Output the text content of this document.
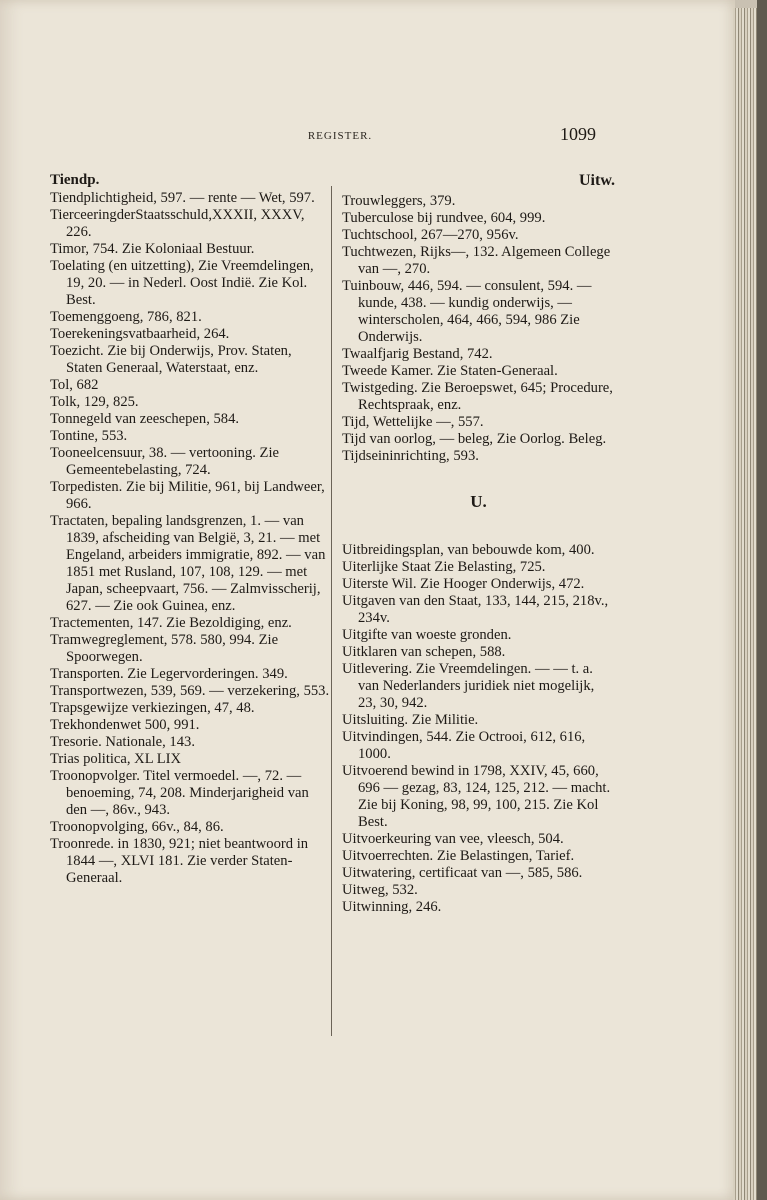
REGISTER.	1099
Tiendp.
Tiendplichtigheid, 597. — rente — Wet, 597.
TierceeringderStaatsschuld,XXXII, XXXV, 226.
Timor, 754. Zie Koloniaal Bestuur.
Toelating (en uitzetting), Zie Vreemdelingen, 19, 20. — in Nederl. Oost Indië. Zie Kol. Best.
Toemenggoeng, 786, 821.
Toerekeningsvatbaarheid, 264.
Toezicht. Zie bij Onderwijs, Prov. Staten, Staten Generaal, Waterstaat, enz.
Tol, 682
Tolk, 129, 825.
Tonnegeld van zeeschepen, 584.
Tontine, 553.
Tooneelcensuur, 38. — vertooning. Zie Gemeentebelasting, 724.
Torpedisten. Zie bij Militie, 961, bij Landweer, 966.
Tractaten, bepaling landsgrenzen, 1. — van 1839, afscheiding van België, 3, 21. — met Engeland, arbeiders immigratie, 892. — van 1851 met Rusland, 107, 108, 129. — met Japan, scheepvaart, 756. — Zalmvisscherij, 627. — Zie ook Guinea, enz.
Tractementen, 147. Zie Bezoldiging, enz.
Tramwegreglement, 578. 580, 994. Zie Spoorwegen.
Transporten. Zie Legervorderingen. 349.
Transportwezen, 539, 569. — verzekering, 553.
Trapsgewijze verkiezingen, 47, 48.
Trekhondenwet 500, 991.
Tresorie. Nationale, 143.
Trias politica, XL LIX
Troonopvolger. Titel vermoedel. —, 72. — benoeming, 74, 208. Minderjarigheid van den —, 86v., 943.
Troonopvolging, 66v., 84, 86.
Troonrede. in 1830, 921; niet beantwoord in 1844 —, XLVI 181. Zie verder Staten-Generaal.
Uitw.
Trouwleggers, 379.
Tuberculose bij rundvee, 604, 999.
Tuchtschool, 267—270, 956v.
Tuchtwezen, Rijks—, 132. Algemeen College van —, 270.
Tuinbouw, 446, 594. — consulent, 594. — kunde, 438. — kundig onderwijs, — winterscholen, 464, 466, 594, 986 Zie Onderwijs.
Twaalfjarig Bestand, 742.
Tweede Kamer. Zie Staten-Generaal.
Twistgeding. Zie Beroepswet, 645; Procedure, Rechtspraak, enz.
Tijd, Wettelijke —, 557.
Tijd van oorlog, — beleg, Zie Oorlog. Beleg.
Tijdseininrichting, 593.
U.
Uitbreidingsplan, van bebouwde kom, 400.
Uiterlijke Staat Zie Belasting, 725.
Uiterste Wil. Zie Hooger Onderwijs, 472.
Uitgaven van den Staat, 133, 144, 215, 218v., 234v.
Uitgifte van woeste gronden.
Uitklaren van schepen, 588.
Uitlevering. Zie Vreemdelingen. — — t. a. van Nederlanders juridiek niet mogelijk, 23, 30, 942.
Uitsluiting. Zie Militie.
Uitvindingen, 544. Zie Octrooi, 612, 616, 1000.
Uitvoerend bewind in 1798, XXIV, 45, 660, 696 — gezag, 83, 124, 125, 212. — macht. Zie bij Koning, 98, 99, 100, 215. Zie Kol Best.
Uitvoerkeuring van vee, vleesch, 504.
Uitvoerrechten. Zie Belastingen, Tarief.
Uitwatering, certificaat van —, 585, 586.
Uitweg, 532.
Uitwinning, 246.
